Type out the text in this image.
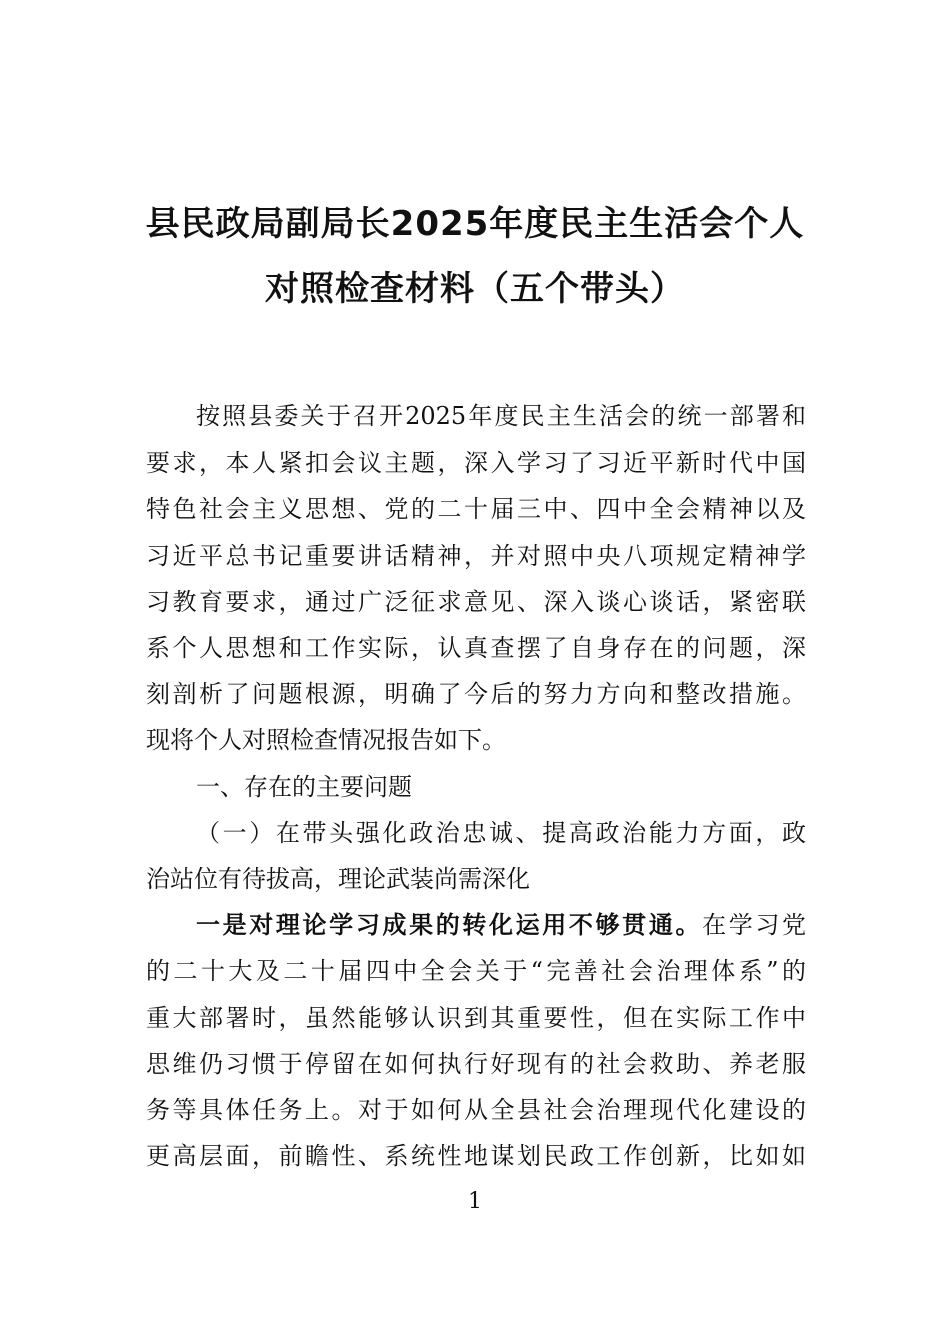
县民政局副局长2025年度民主生活会个人
对照检查材料（五个带头）
按照县委关于召开2025年度民主生活会的统一部署和
要求，本人紧扣会议主题，深入学习了习近平新时代中国
特色社会主义思想、党的二十届三中、四中全会精神以及
习近平总书记重要讲话精神，并对照中央八项规定精神学
习教育要求，通过广泛征求意见、深入谈心谈话，紧密联
系个人思想和工作实际，认真查摆了自身存在的问题，深
刻剖析了问题根源，明确了今后的努力方向和整改措施。
现将个人对照检查情况报告如下。
一、存在的主要问题
（一）在带头强化政治忠诚、提高政治能力方面，政
治站位有待拔高，理论武装尚需深化
一是对理论学习成果的转化运用不够贯通。在学习党
的二十大及二十届四中全会关于“完善社会治理体系”的
重大部署时，虽然能够认识到其重要性，但在实际工作中
思维仍习惯于停留在如何执行好现有的社会救助、养老服
务等具体任务上。对于如何从全县社会治理现代化建设的
更高层面，前瞻性、系统性地谋划民政工作创新，比如如
1
